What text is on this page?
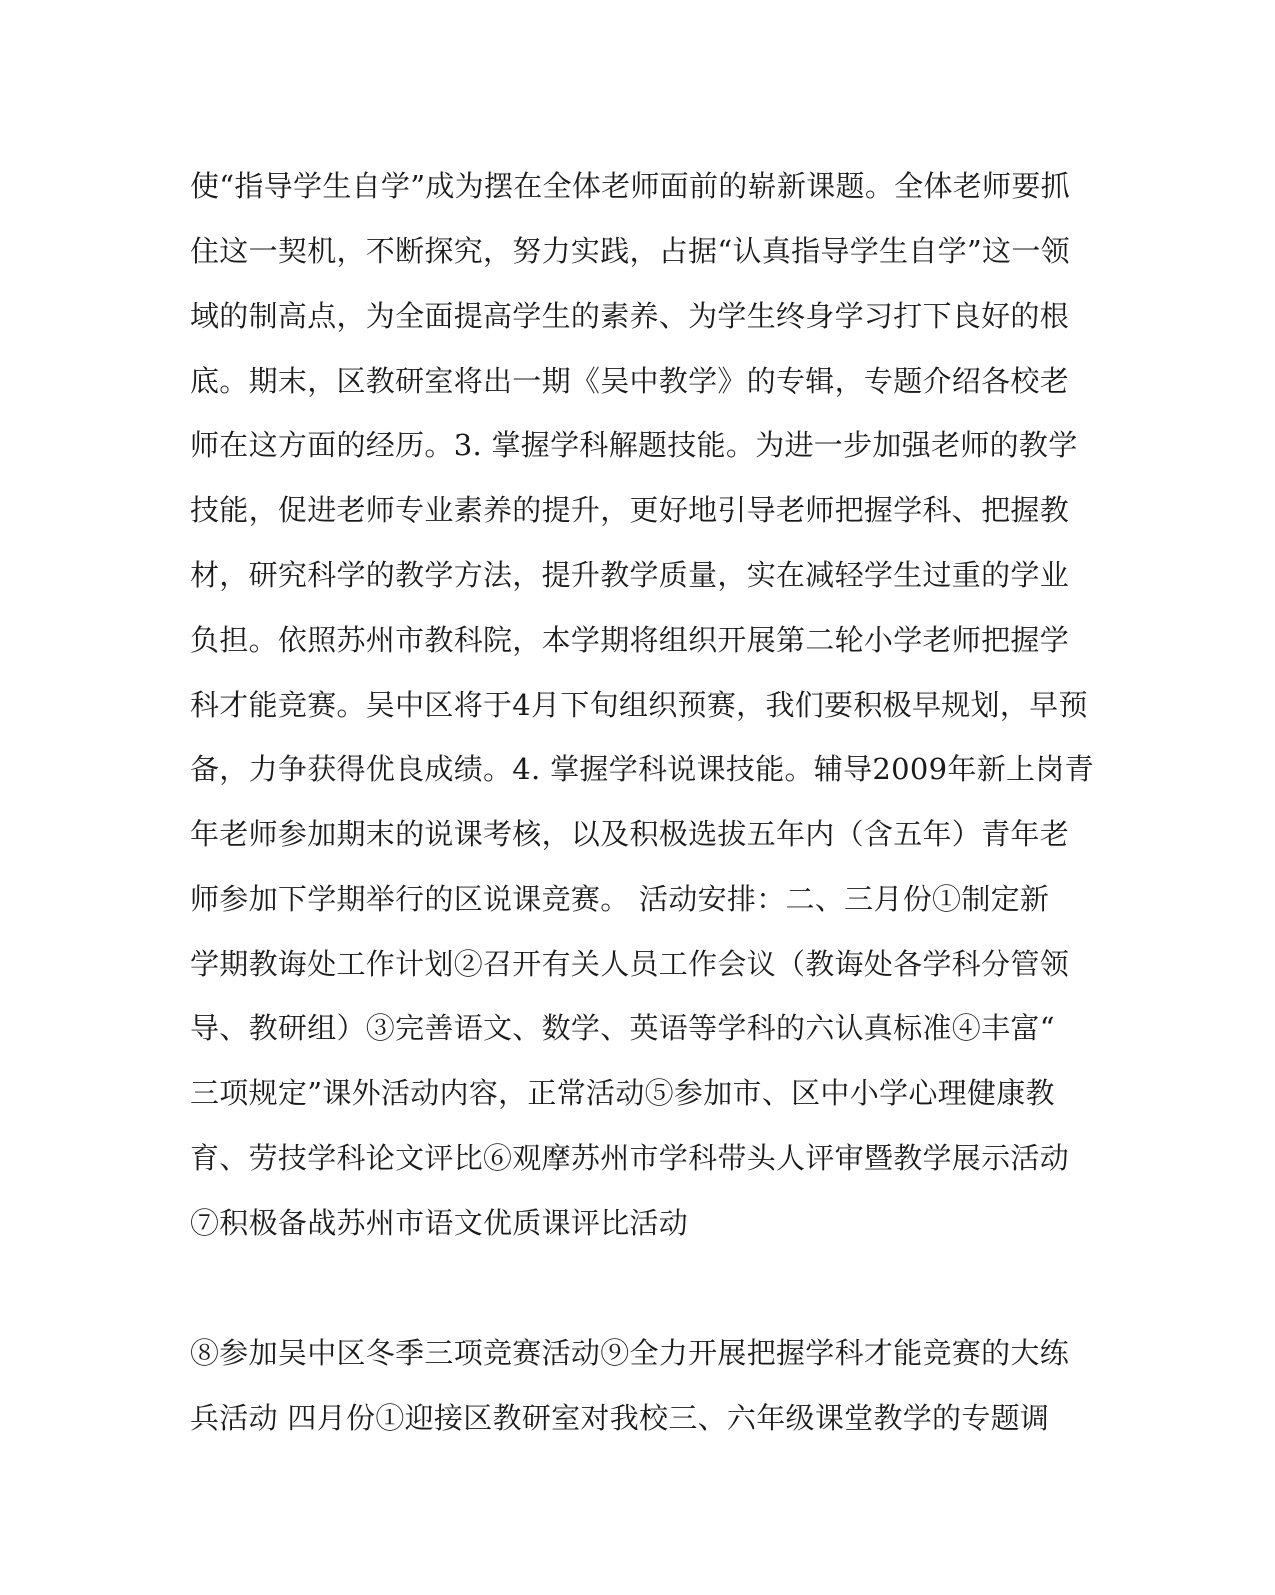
使“指导学生自学”成为摆在全体老师面前的崭新课题。全体老师要抓
住这一契机，不断探究，努力实践，占据“认真指导学生自学”这一领
域的制高点，为全面提高学生的素养、为学生终身学习打下良好的根
底。期末，区教研室将出一期《吴中教学》的专辑，专题介绍各校老
师在这方面的经历。3. 掌握学科解题技能。为进一步加强老师的教学
技能，促进老师专业素养的提升，更好地引导老师把握学科、把握教
材，研究科学的教学方法，提升教学质量，实在减轻学生过重的学业
负担。依照苏州市教科院，本学期将组织开展第二轮小学老师把握学
科才能竞赛。吴中区将于4月下旬组织预赛，我们要积极早规划，早预
备，力争获得优良成绩。4. 掌握学科说课技能。辅导2009年新上岗青
年老师参加期末的说课考核，以及积极选拔五年内（含五年）青年老
师参加下学期举行的区说课竞赛。 活动安排：二、三月份①制定新
学期教诲处工作计划②召开有关人员工作会议（教诲处各学科分管领
导、教研组）③完善语文、数学、英语等学科的六认真标准④丰富“
三项规定”课外活动内容，正常活动⑤参加市、区中小学心理健康教
育、劳技学科论文评比⑥观摩苏州市学科带头人评审暨教学展示活动
⑦积极备战苏州市语文优质课评比活动
⑧参加吴中区冬季三项竞赛活动⑨全力开展把握学科才能竞赛的大练
兵活动 四月份①迎接区教研室对我校三、六年级课堂教学的专题调
